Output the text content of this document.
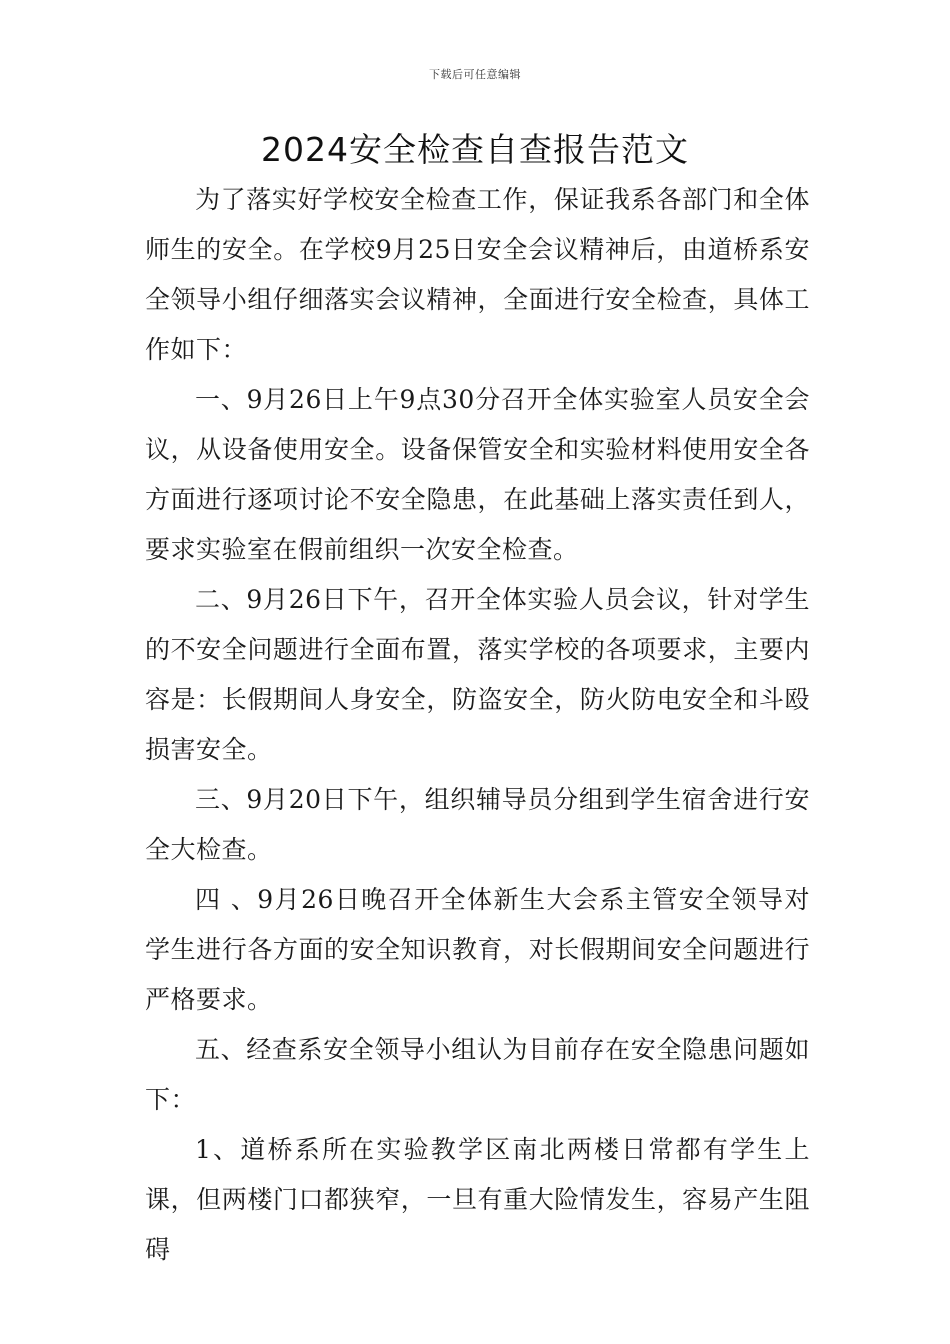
下载后可任意编辑
2024安全检查自查报告范文

为了落实好学校安全检查工作，保证我系各部门和全体师生的安全。在学校9月25日安全会议精神后，由道桥系安全领导小组仔细落实会议精神，全面进行安全检查，具体工作如下：

一、9月26日上午9点30分召开全体实验室人员安全会议，从设备使用安全。设备保管安全和实验材料使用安全各方面进行逐项讨论不安全隐患，在此基础上落实责任到人，要求实验室在假前组织一次安全检查。

二、9月26日下午，召开全体实验人员会议，针对学生的不安全问题进行全面布置，落实学校的各项要求，主要内容是：长假期间人身安全，防盗安全，防火防电安全和斗殴损害安全。

三、9月20日下午，组织辅导员分组到学生宿舍进行安全大检查。

四 、9月26日晚召开全体新生大会系主管安全领导对学生进行各方面的安全知识教育，对长假期间安全问题进行严格要求。

五、经查系安全领导小组认为目前存在安全隐患问题如下：

1、道桥系所在实验教学区南北两楼日常都有学生上课，但两楼门口都狭窄，一旦有重大险情发生，容易产生阻碍
